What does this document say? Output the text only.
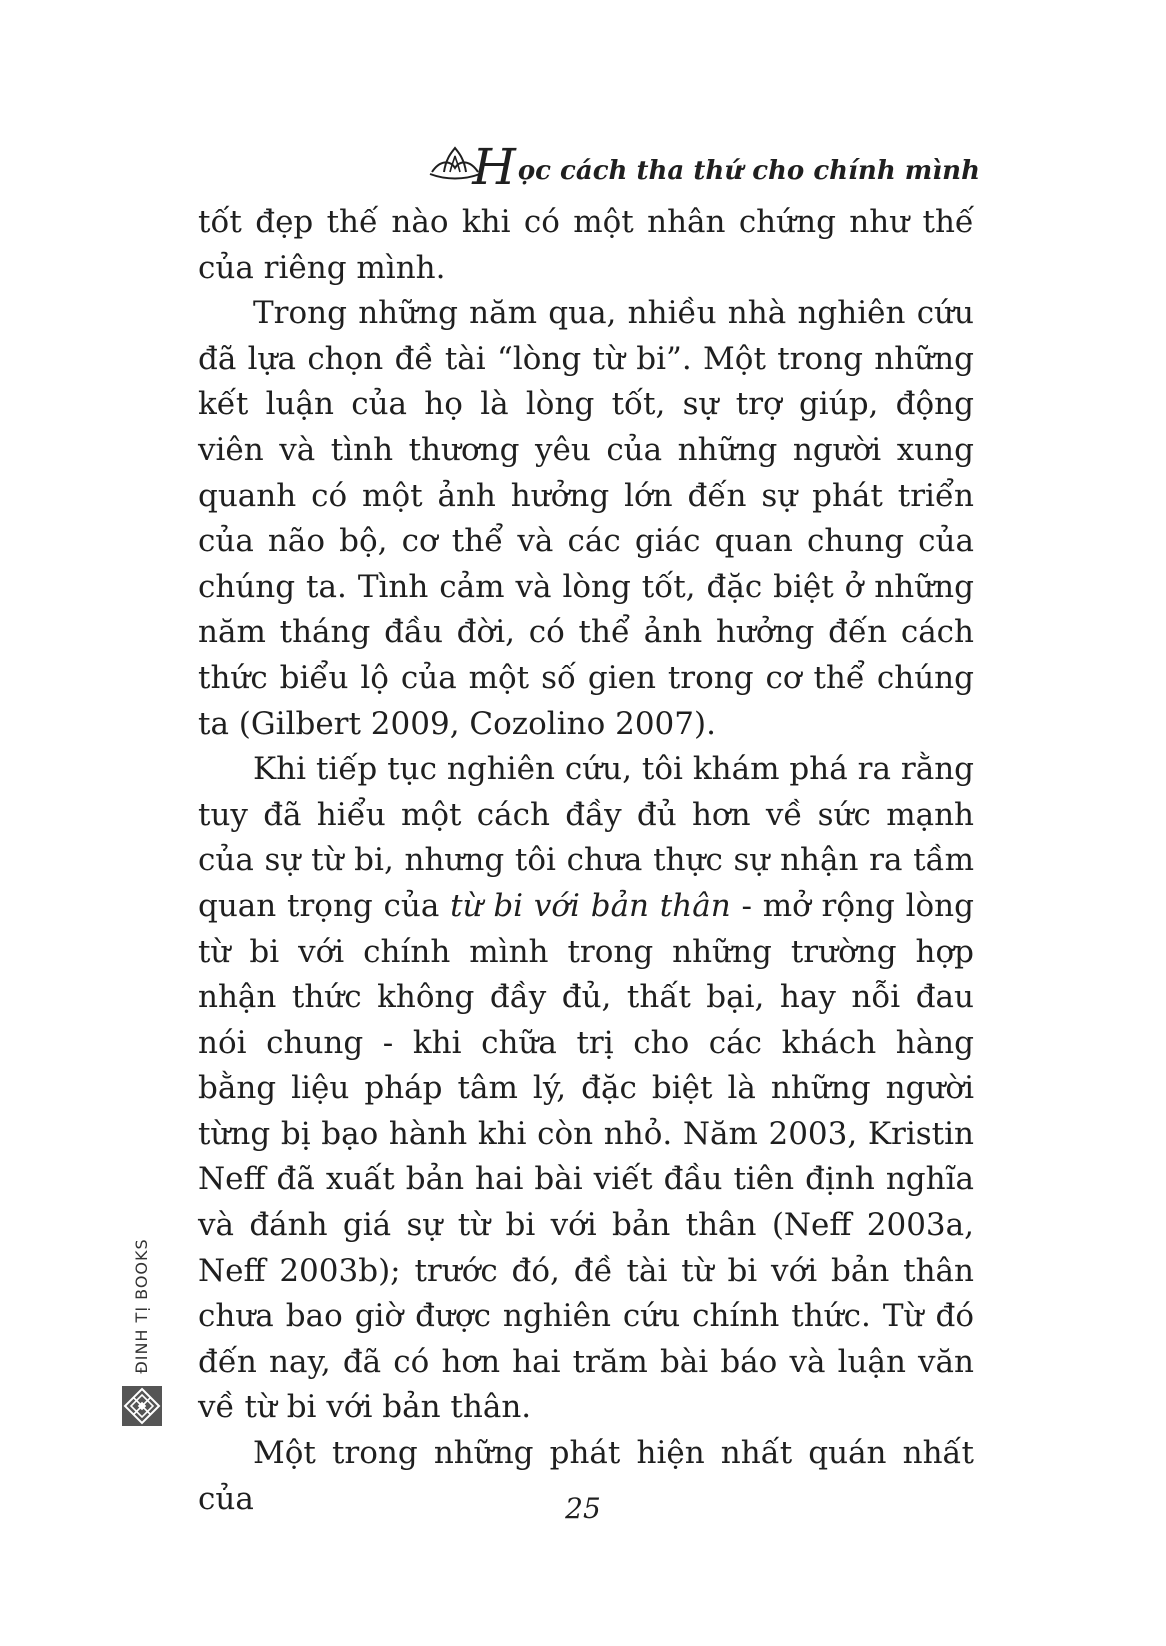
H ọc cách tha thứ cho chính mình

tốt đẹp thế nào khi có một nhân chứng như thế của riêng mình.

Trong những năm qua, nhiều nhà nghiên cứu đã lựa chọn đề tài “lòng từ bi”. Một trong những kết luận của họ là lòng tốt, sự trợ giúp, động viên và tình thương yêu của những người xung quanh có một ảnh hưởng lớn đến sự phát triển của não bộ, cơ thể và các giác quan chung của chúng ta. Tình cảm và lòng tốt, đặc biệt ở những năm tháng đầu đời, có thể ảnh hưởng đến cách thức biểu lộ của một số gien trong cơ thể chúng ta (Gilbert 2009, Cozolino 2007).

Khi tiếp tục nghiên cứu, tôi khám phá ra rằng tuy đã hiểu một cách đầy đủ hơn về sức mạnh của sự từ bi, nhưng tôi chưa thực sự nhận ra tầm quan trọng của từ bi với bản thân - mở rộng lòng từ bi với chính mình trong những trường hợp nhận thức không đầy đủ, thất bại, hay nỗi đau nói chung - khi chữa trị cho các khách hàng bằng liệu pháp tâm lý, đặc biệt là những người từng bị bạo hành khi còn nhỏ. Năm 2003, Kristin Neff đã xuất bản hai bài viết đầu tiên định nghĩa và đánh giá sự từ bi với bản thân (Neff 2003a, Neff 2003b); trước đó, đề tài từ bi với bản thân chưa bao giờ được nghiên cứu chính thức. Từ đó đến nay, đã có hơn hai trăm bài báo và luận văn về từ bi với bản thân.

Một trong những phát hiện nhất quán nhất của

ĐINH TỊ BOOKS
25
